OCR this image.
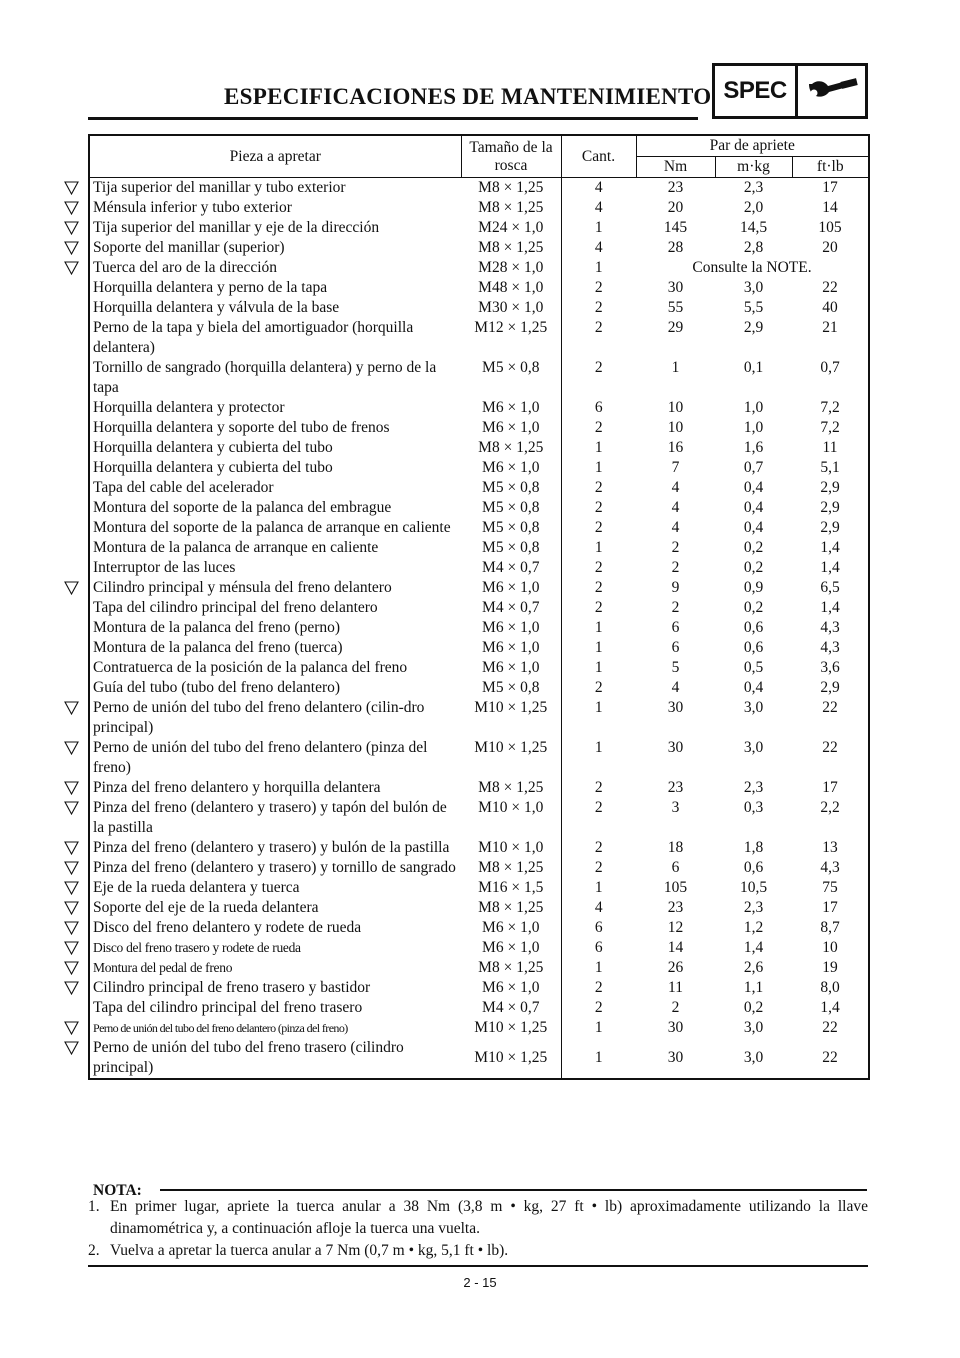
ESPECIFICACIONES DE MANTENIMIENTO SPEC
Pieza a apretar	Tamaño de la rosca	Cant.	Par de apriete		
			Nm	m·kg	ft·lb

Tija superior del manillar y tubo exterior	M8 × 1,25	4	23	2,3	17

Ménsula inferior y tubo exterior	M8 × 1,25	4	20	2,0	14

Tija superior del manillar y eje de la dirección	M24 × 1,0	1	145	14,5	105

Soporte del manillar (superior)	M8 × 1,25	4	28	2,8	20

Tuerca del aro de la dirección	M28 × 1,0	1	Consulte la NOTE.		
Horquilla delantera y perno de la tapa	M48 × 1,0	2	30	3,0	22
Horquilla delantera y válvula de la base	M30 × 1,0	2	55	5,5	40
Perno de la tapa y biela del amortiguador (horquilla delantera)	M12 × 1,25	2	29	2,9	21
Tornillo de sangrado (horquilla delantera) y perno de la tapa	M5 × 0,8	2	1	0,1	0,7
Horquilla delantera y protector	M6 × 1,0	6	10	1,0	7,2
Horquilla delantera y soporte del tubo de frenos	M6 × 1,0	2	10	1,0	7,2
Horquilla delantera y cubierta del tubo	M8 × 1,25	1	16	1,6	11
Horquilla delantera y cubierta del tubo	M6 × 1,0	1	7	0,7	5,1
Tapa del cable del acelerador	M5 × 0,8	2	4	0,4	2,9
Montura del soporte de la palanca del embrague	M5 × 0,8	2	4	0,4	2,9
Montura del soporte de la palanca de arranque en caliente	M5 × 0,8	2	4	0,4	2,9
Montura de la palanca de arranque en caliente	M5 × 0,8	1	2	0,2	1,4
Interruptor de las luces	M4 × 0,7	2	2	0,2	1,4

Cilindro principal y ménsula del freno delantero	M6 × 1,0	2	9	0,9	6,5
Tapa del cilindro principal del freno delantero	M4 × 0,7	2	2	0,2	1,4
Montura de la palanca del freno (perno)	M6 × 1,0	1	6	0,6	4,3
Montura de la palanca del freno (tuerca)	M6 × 1,0	1	6	0,6	4,3
Contratuerca de la posición de la palanca del freno	M6 × 1,0	1	5	0,5	3,6
Guía del tubo (tubo del freno delantero)	M5 × 0,8	2	4	0,4	2,9

Perno de unión del tubo del freno delantero (cilin-dro principal)	M10 × 1,25	1	30	3,0	22

Perno de unión del tubo del freno delantero (pinza del freno)	M10 × 1,25	1	30	3,0	22

Pinza del freno delantero y horquilla delantera	M8 × 1,25	2	23	2,3	17

Pinza del freno (delantero y trasero) y tapón del bulón de la pastilla	M10 × 1,0	2	3	0,3	2,2

Pinza del freno (delantero y trasero) y bulón de la pastilla	M10 × 1,0	2	18	1,8	13

Pinza del freno (delantero y trasero) y tornillo de sangrado	M8 × 1,25	2	6	0,6	4,3

Eje de la rueda delantera y tuerca	M16 × 1,5	1	105	10,5	75

Soporte del eje de la rueda delantera	M8 × 1,25	4	23	2,3	17

Disco del freno delantero y rodete de rueda	M6 × 1,0	6	12	1,2	8,7

Disco del freno trasero y rodete de rueda	M6 × 1,0	6	14	1,4	10

Montura del pedal de freno	M8 × 1,25	1	26	2,6	19

Cilindro principal de freno trasero y bastidor	M6 × 1,0	2	11	1,1	8,0
Tapa del cilindro principal del freno trasero	M4 × 0,7	2	2	0,2	1,4

Perno de unión del tubo del freno delantero (pinza del freno)	M10 × 1,25	1	30	3,0	22

Perno de unión del tubo del freno trasero (cilindro principal)	M10 × 1,25	1	30	3,0	22
NOTA:
1. En primer lugar, apriete la tuerca anular a 38 Nm (3,8 m • kg, 27 ft • lb) aproximadamente utilizando la llave dinamométrica y, a continuación afloje la tuerca una vuelta.
2. Vuelva a apretar la tuerca anular a 7 Nm (0,7 m • kg, 5,1 ft • lb).
2 - 15
